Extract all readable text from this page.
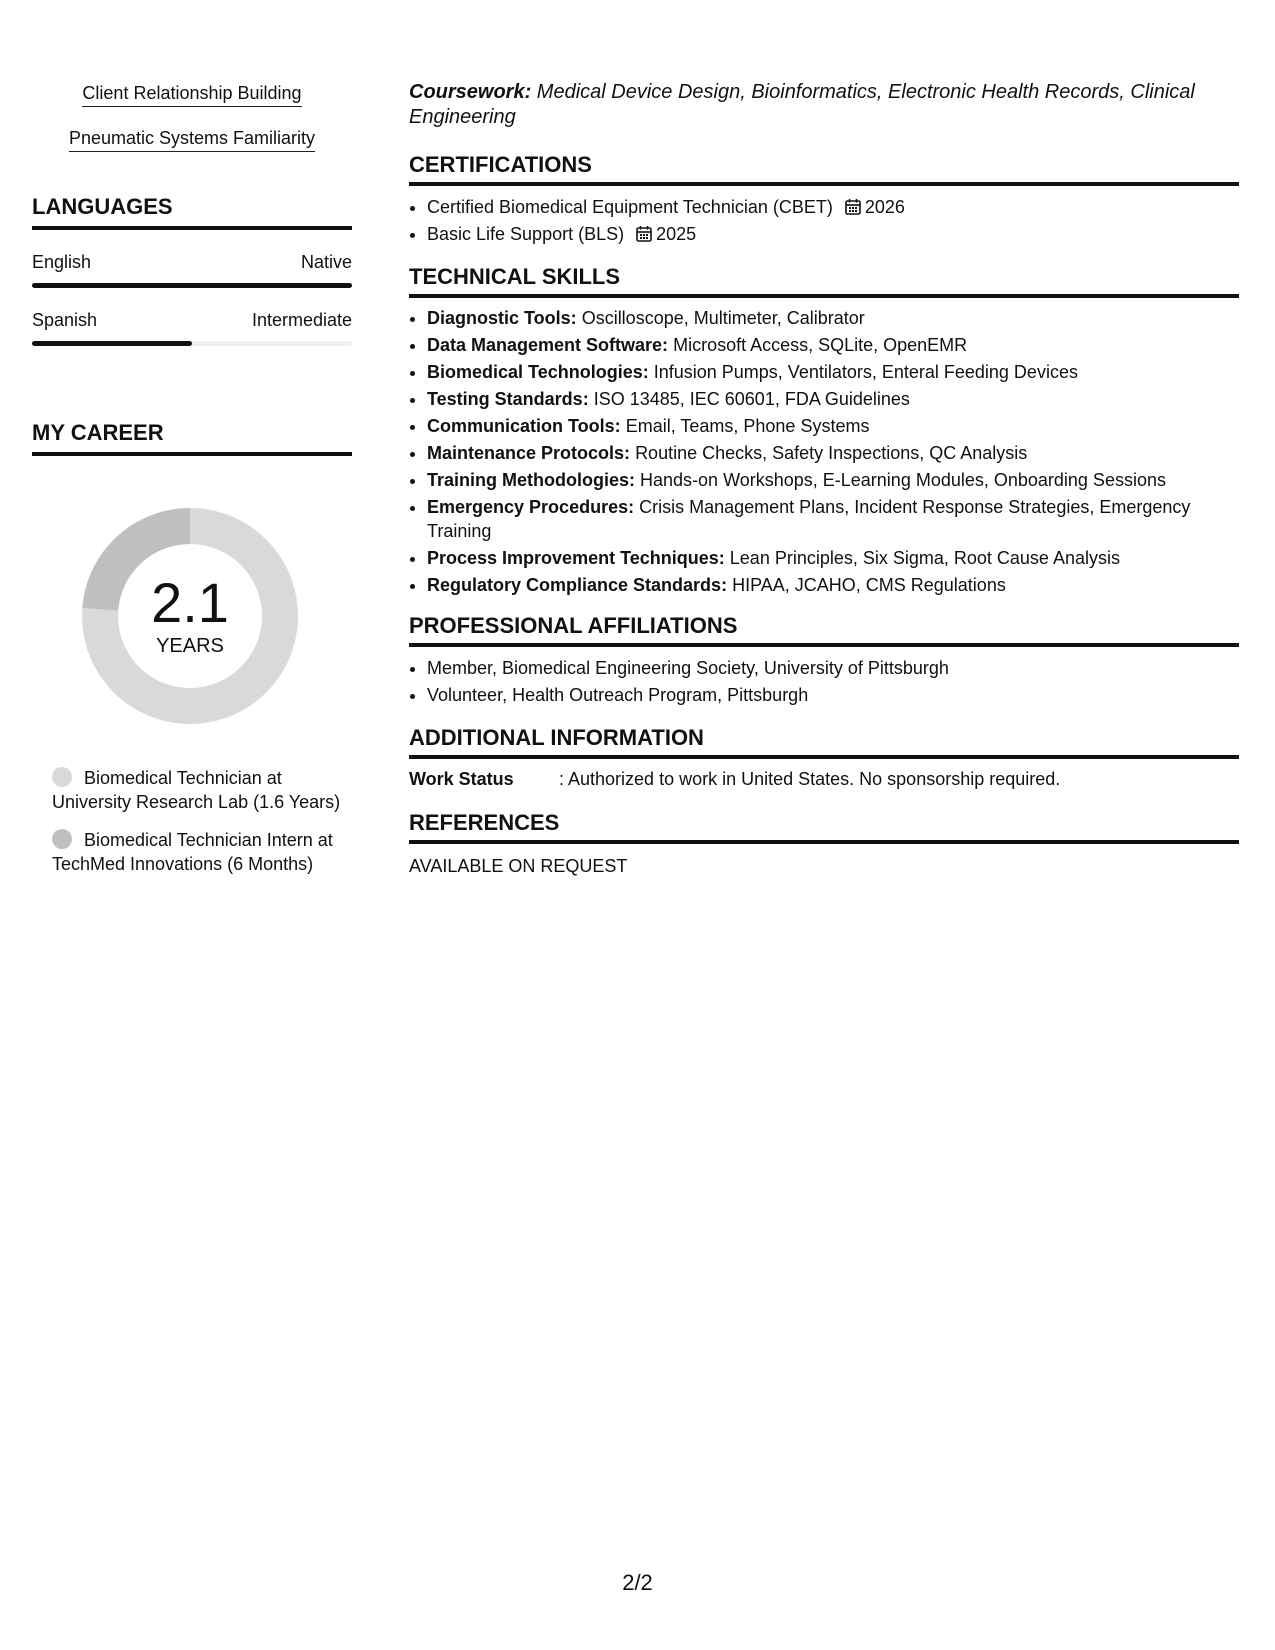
Client Relationship Building
Pneumatic Systems Familiarity
LANGUAGES
English	Native
Spanish	Intermediate
MY CAREER
2.1
YEARS
Biomedical Technician at University Research Lab (1.6 Years)
Biomedical Technician Intern at TechMed Innovations (6 Months)

Coursework: Medical Device Design, Bioinformatics, Electronic Health Records, Clinical Engineering

CERTIFICATIONS
• Certified Biomedical Equipment Technician (CBET) 2026
• Basic Life Support (BLS) 2025
TECHNICAL SKILLS
• Diagnostic Tools: Oscilloscope, Multimeter, Calibrator
• Data Management Software: Microsoft Access, SQLite, OpenEMR
• Biomedical Technologies: Infusion Pumps, Ventilators, Enteral Feeding Devices
• Testing Standards: ISO 13485, IEC 60601, FDA Guidelines
• Communication Tools: Email, Teams, Phone Systems
• Maintenance Protocols: Routine Checks, Safety Inspections, QC Analysis
• Training Methodologies: Hands-on Workshops, E-Learning Modules, Onboarding Sessions
• Emergency Procedures: Crisis Management Plans, Incident Response Strategies, Emergency Training
• Process Improvement Techniques: Lean Principles, Six Sigma, Root Cause Analysis
• Regulatory Compliance Standards: HIPAA, JCAHO, CMS Regulations
PROFESSIONAL AFFILIATIONS
• Member, Biomedical Engineering Society, University of Pittsburgh
• Volunteer, Health Outreach Program, Pittsburgh
ADDITIONAL INFORMATION
Work Status	: Authorized to work in United States. No sponsorship required.
REFERENCES
AVAILABLE ON REQUEST
2/2
